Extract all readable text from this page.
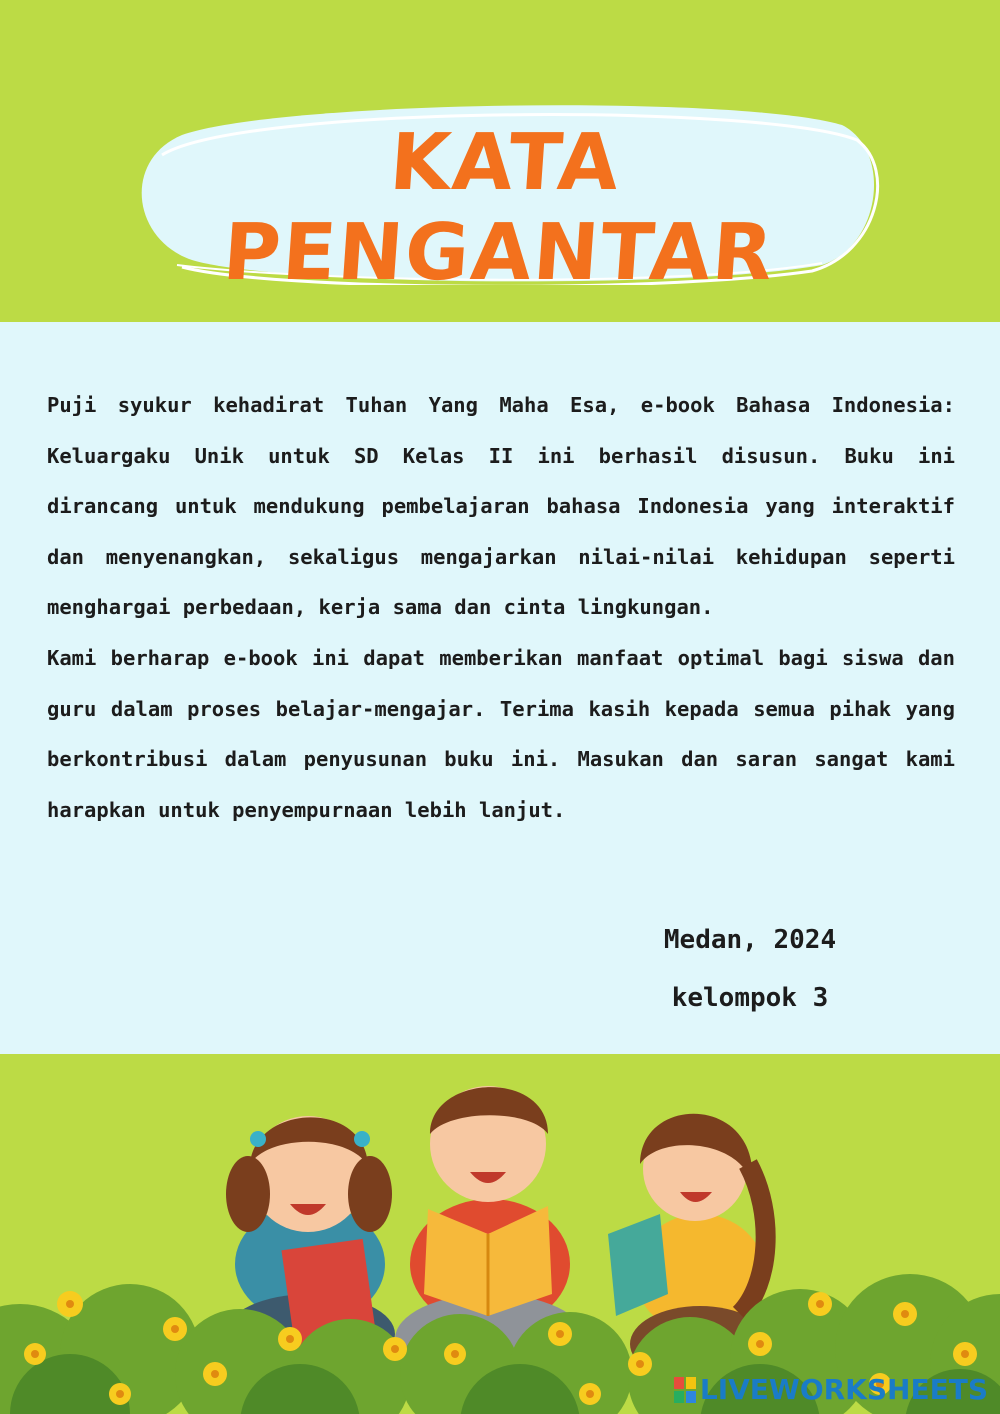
KATA PENGANTAR

Puji syukur kehadirat Tuhan Yang Maha Esa, e-book Bahasa Indonesia: Keluargaku Unik untuk SD Kelas II ini berhasil disusun. Buku ini dirancang untuk mendukung pembelajaran bahasa Indonesia yang interaktif dan menyenangkan, sekaligus mengajarkan nilai-nilai kehidupan seperti menghargai perbedaan, kerja sama dan cinta lingkungan.

Kami berharap e-book ini dapat memberikan manfaat optimal bagi siswa dan guru dalam proses belajar-mengajar. Terima kasih kepada semua pihak yang berkontribusi dalam penyusunan buku ini. Masukan dan saran sangat kami harapkan untuk penyempurnaan lebih lanjut.

Medan, 2024
kelompok 3
LIVEWORKSHEETS
